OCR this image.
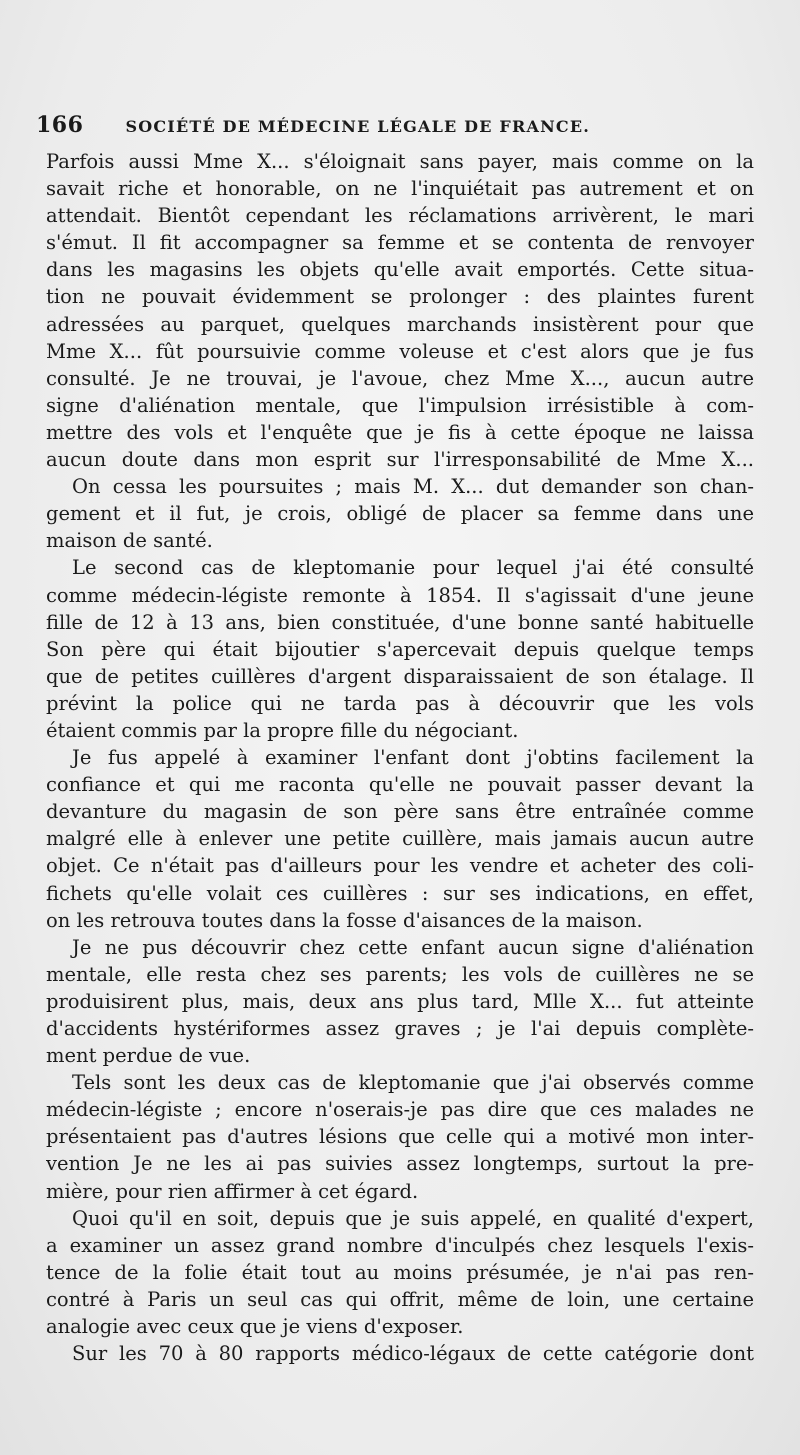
166	SOCIÉTÉ DE MÉDECINE LÉGALE DE FRANCE.
Parfois aussi Mme X... s'éloignait sans payer, mais comme on la
savait riche et honorable, on ne l'inquiétait pas autrement et on
attendait. Bientôt cependant les réclamations arrivèrent, le mari
s'émut. Il fit accompagner sa femme et se contenta de renvoyer
dans les magasins les objets qu'elle avait emportés. Cette situa-
tion ne pouvait évidemment se prolonger : des plaintes furent
adressées au parquet, quelques marchands insistèrent pour que
Mme X... fût poursuivie comme voleuse et c'est alors que je fus
consulté. Je ne trouvai, je l'avoue, chez Mme X..., aucun autre
signe d'aliénation mentale, que l'impulsion irrésistible à com-
mettre des vols et l'enquête que je fis à cette époque ne laissa
aucun doute dans mon esprit sur l'irresponsabilité de Mme X...
On cessa les poursuites ; mais M. X... dut demander son chan-
gement et il fut, je crois, obligé de placer sa femme dans une
maison de santé.
Le second cas de kleptomanie pour lequel j'ai été consulté
comme médecin-légiste remonte à 1854. Il s'agissait d'une jeune
fille de 12 à 13 ans, bien constituée, d'une bonne santé habituelle
Son père qui était bijoutier s'apercevait depuis quelque temps
que de petites cuillères d'argent disparaissaient de son étalage. Il
prévint la police qui ne tarda pas à découvrir que les vols
étaient commis par la propre fille du négociant.
Je fus appelé à examiner l'enfant dont j'obtins facilement la
confiance et qui me raconta qu'elle ne pouvait passer devant la
devanture du magasin de son père sans être entraînée comme
malgré elle à enlever une petite cuillère, mais jamais aucun autre
objet. Ce n'était pas d'ailleurs pour les vendre et acheter des coli-
fichets qu'elle volait ces cuillères : sur ses indications, en effet,
on les retrouva toutes dans la fosse d'aisances de la maison.
Je ne pus découvrir chez cette enfant aucun signe d'aliénation
mentale, elle resta chez ses parents; les vols de cuillères ne se
produisirent plus, mais, deux ans plus tard, Mlle X... fut atteinte
d'accidents hystériformes assez graves ; je l'ai depuis complète-
ment perdue de vue.
Tels sont les deux cas de kleptomanie que j'ai observés comme
médecin-légiste ; encore n'oserais-je pas dire que ces malades ne
présentaient pas d'autres lésions que celle qui a motivé mon inter-
vention Je ne les ai pas suivies assez longtemps, surtout la pre-
mière, pour rien affirmer à cet égard.
Quoi qu'il en soit, depuis que je suis appelé, en qualité d'expert,
a examiner un assez grand nombre d'inculpés chez lesquels l'exis-
tence de la folie était tout au moins présumée, je n'ai pas ren-
contré à Paris un seul cas qui offrit, même de loin, une certaine
analogie avec ceux que je viens d'exposer.
Sur les 70 à 80 rapports médico-légaux de cette catégorie dont
